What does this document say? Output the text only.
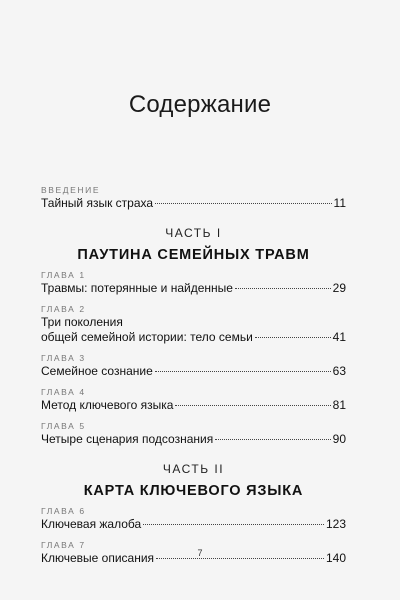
Содержание
ВВЕДЕНИЕ
Тайный язык страха	11
ЧАСТЬ I
ПАУТИНА СЕМЕЙНЫХ ТРАВМ
ГЛАВА 1
Травмы: потерянные и найденные	29
ГЛАВА 2
Три поколения
общей семейной истории: тело семьи	41
ГЛАВА 3
Семейное сознание	63
ГЛАВА 4
Метод ключевого языка	81
ГЛАВА 5
Четыре сценария подсознания	90
ЧАСТЬ II
КАРТА КЛЮЧЕВОГО ЯЗЫКА
ГЛАВА 6
Ключевая жалоба	123
ГЛАВА 7
Ключевые описания	140
7
